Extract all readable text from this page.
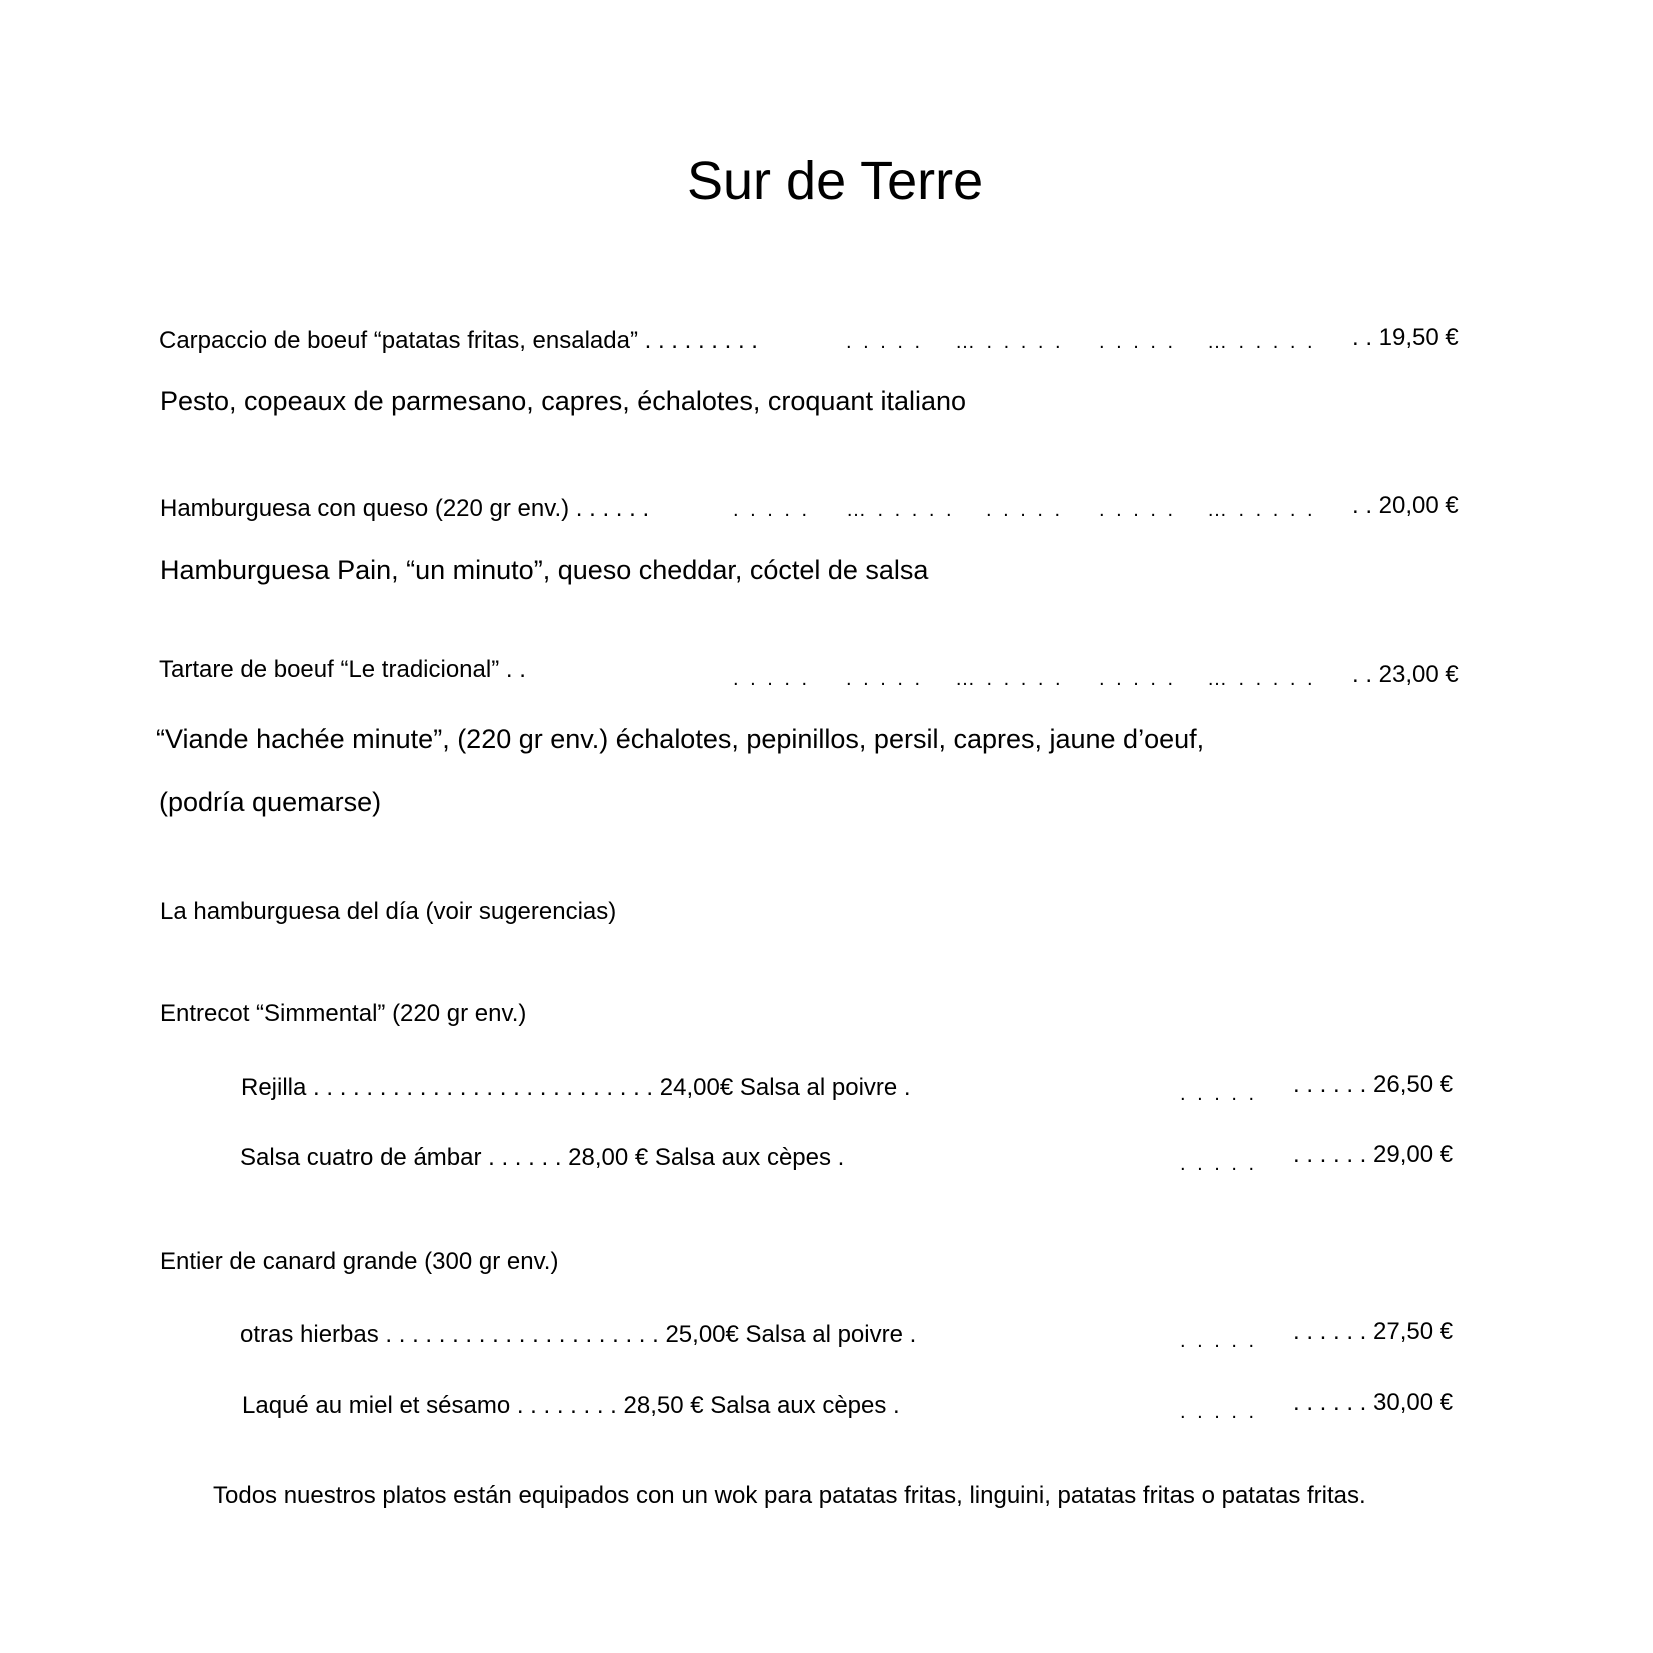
Sur de Terre
Carpaccio de boeuf “patatas fritas, ensalada” . . . . . . . . .	. . . . . … . . . . . . . . . . … . . . . . . . 19,50 €
Pesto, copeaux de parmesano, capres, échalotes, croquant italiano
Hamburguesa con queso (220 gr env.) . . . . . .	. . . . . … . . . . . . . . . . . . . . . … . . . . . . . 20,00 €
Hamburguesa Pain, “un minuto”, queso cheddar, cóctel de salsa
Tartare de boeuf “Le tradicional” . .	. . . . . . . . . . … . . . . . . . . . . … . . . . . . . 23,00 €
“Viande hachée minute”, (220 gr env.) échalotes, pepinillos, persil, capres, jaune d’oeuf,
(podría quemarse)
La hamburguesa del día (voir sugerencias)
Entrecot “Simmental” (220 gr env.)
Rejilla . . . . . . . . . . . . . . . . . . . . . . . . . . 24,00€ Salsa al poivre .	. . . . . . . . . . . 26,50 €
Salsa cuatro de ámbar . . . . . . 28,00 € Salsa aux cèpes .	. . . . . . . . . . . 29,00 €
Entier de canard grande (300 gr env.)
otras hierbas . . . . . . . . . . . . . . . . . . . . . 25,00€ Salsa al poivre .	. . . . . . . . . . . 27,50 €
Laqué au miel et sésamo . . . . . . . . 28,50 € Salsa aux cèpes .	. . . . . . . . . . . 30,00 €
Todos nuestros platos están equipados con un wok para patatas fritas, linguini, patatas fritas o patatas fritas.
